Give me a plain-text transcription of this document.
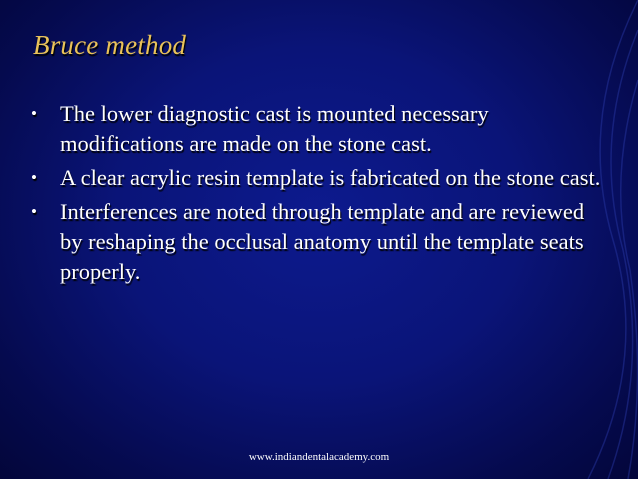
Bruce method
• The lower diagnostic cast is mounted necessary modifications are made on the stone cast.
• A clear acrylic resin template is fabricated on the stone cast.
• Interferences are noted through template and are reviewed by reshaping the occlusal anatomy until the template seats properly.
www.indiandentalacademy.com
